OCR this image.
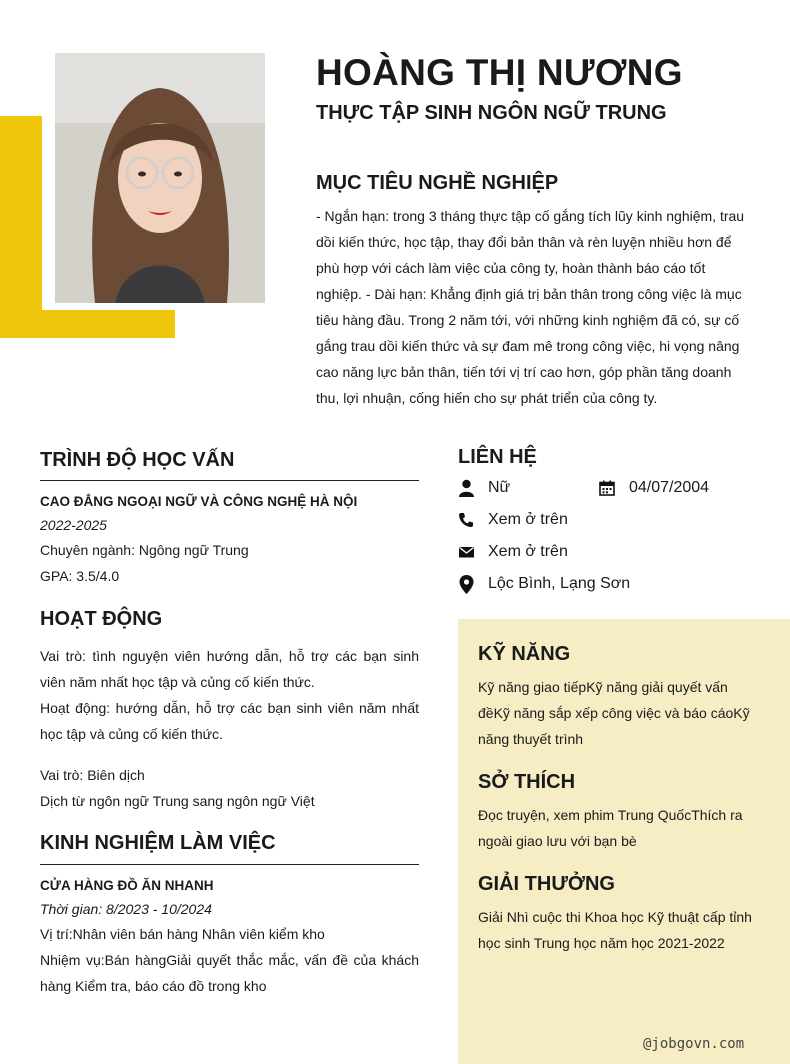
HOÀNG THỊ NƯƠNG
THỰC TẬP SINH NGÔN NGỮ TRUNG
MỤC TIÊU NGHỀ NGHIỆP
- Ngắn hạn: trong 3 tháng thực tập cố gắng tích lũy kinh nghiệm, trau dồi kiến thức, học tập, thay đổi bản thân và rèn luyện nhiều hơn để phù hợp với cách làm việc của công ty, hoàn thành báo cáo tốt nghiệp. - Dài hạn: Khẳng định giá trị bản thân trong công việc là mục tiêu hàng đầu. Trong 2 năm tới, với những kinh nghiệm đã có, sự cố gắng trau dồi kiến thức và sự đam mê trong công việc, hi vọng nâng cao năng lực bản thân, tiến tới vị trí cao hơn, góp phần tăng doanh thu, lợi nhuận, cống hiến cho sự phát triển của công ty.
TRÌNH ĐỘ HỌC VẤN
CAO ĐẲNG NGOẠI NGỮ VÀ CÔNG NGHỆ HÀ NỘI
2022-2025
Chuyên ngành: Ngông ngữ Trung
GPA: 3.5/4.0
HOẠT ĐỘNG
Vai trò: tình nguyện viên hướng dẫn, hỗ trợ các bạn sinh viên năm nhất học tập và củng cố kiến thức.
Hoạt động: hướng dẫn, hỗ trợ các bạn sinh viên năm nhất học tập và củng cố kiến thức.
Vai trò: Biên dịch
Dịch từ ngôn ngữ Trung sang ngôn ngữ Việt
KINH NGHIỆM LÀM VIỆC
CỬA HÀNG ĐỒ ĂN NHANH
Thời gian: 8/2023 - 10/2024
Vị trí:Nhân viên bán hàng Nhân viên kiểm kho
Nhiệm vụ:Bán hàngGiải quyết thắc mắc, vấn đề của khách hàng Kiểm tra, báo cáo đồ trong kho
LIÊN HỆ
Nữ	04/07/2004
Xem ở trên
Xem ở trên
Lộc Bình, Lạng Sơn
KỸ NĂNG
Kỹ năng giao tiếpKỹ năng giải quyết vấn đềKỹ năng sắp xếp công việc và báo cáoKỹ năng thuyết trình
SỞ THÍCH
Đọc truyện, xem phim Trung QuốcThích ra ngoài giao lưu với bạn bè
GIẢI THƯỞNG
Giải Nhì cuộc thi Khoa học Kỹ thuật cấp tỉnh học sinh Trung học năm học 2021-2022
@jobgovn.com
